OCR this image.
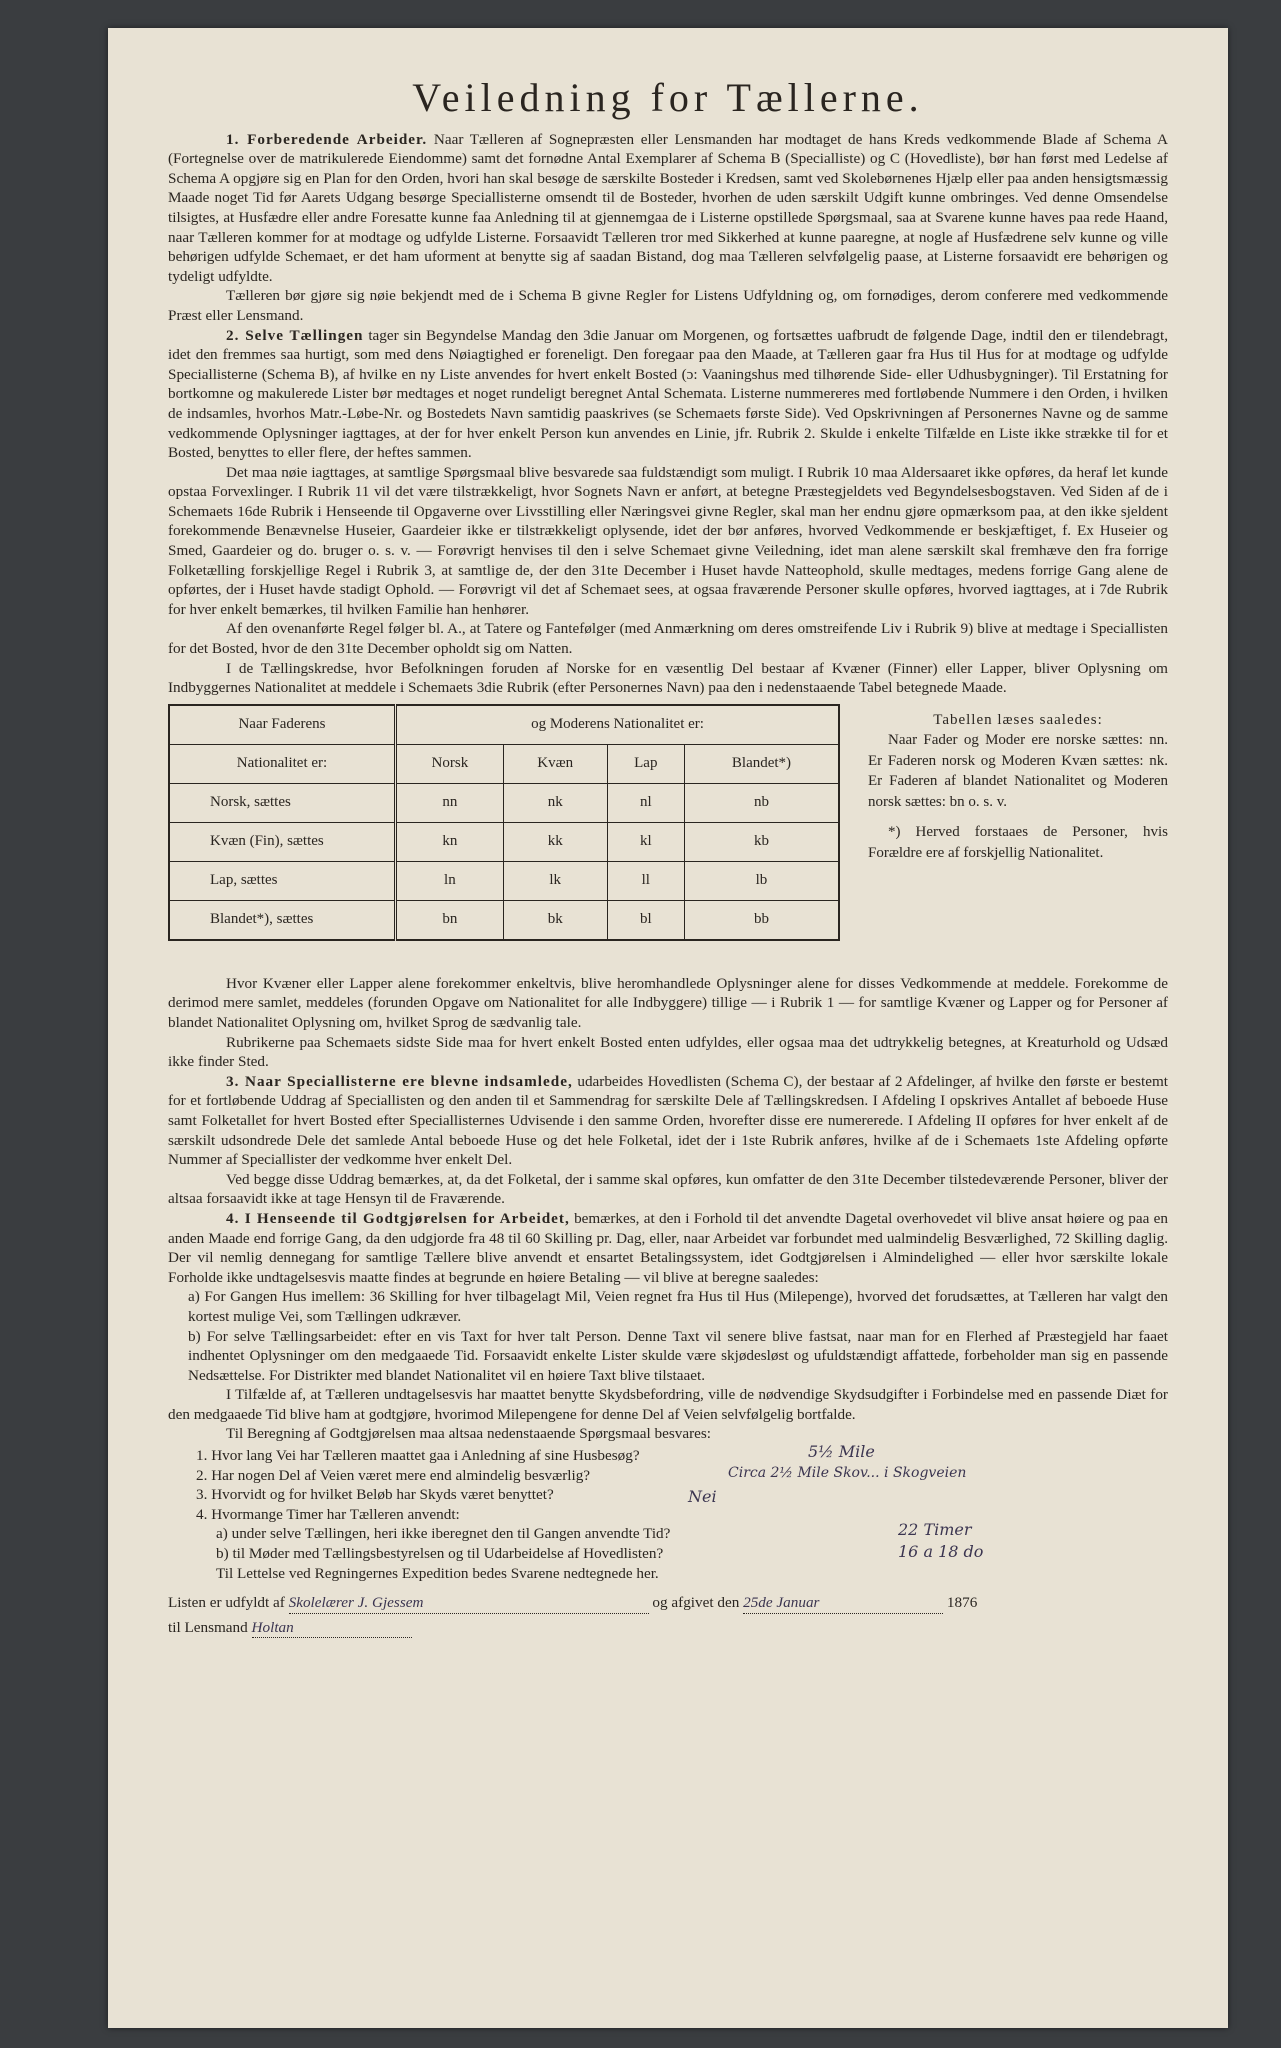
Veiledning for Tællerne.

1. Forberedende Arbeider. Naar Tælleren af Sognepræsten eller Lensmanden har modtaget de hans Kreds vedkommende Blade af Schema A (Fortegnelse over de matrikulerede Eiendomme) samt det fornødne Antal Exemplarer af Schema B (Specialliste) og C (Hovedliste), bør han først med Ledelse af Schema A opgjøre sig en Plan for den Orden, hvori han skal besøge de særskilte Bosteder i Kredsen, samt ved Skolebørnenes Hjælp eller paa anden hensigtsmæssig Maade noget Tid før Aarets Udgang besørge Speciallisterne omsendt til de Bosteder, hvorhen de uden særskilt Udgift kunne ombringes. Ved denne Omsendelse tilsigtes, at Husfædre eller andre Foresatte kunne faa Anledning til at gjennemgaa de i Listerne opstillede Spørgsmaal, saa at Svarene kunne haves paa rede Haand, naar Tælleren kommer for at modtage og udfylde Listerne. Forsaavidt Tælleren tror med Sikkerhed at kunne paaregne, at nogle af Husfædrene selv kunne og ville behørigen udfylde Schemaet, er det ham uforment at benytte sig af saadan Bistand, dog maa Tælleren selvfølgelig paase, at Listerne forsaavidt ere behørigen og tydeligt udfyldte.

Tælleren bør gjøre sig nøie bekjendt med de i Schema B givne Regler for Listens Udfyldning og, om fornødiges, derom conferere med vedkommende Præst eller Lensmand.

2. Selve Tællingen tager sin Begyndelse Mandag den 3die Januar om Morgenen, og fortsættes uafbrudt de følgende Dage, indtil den er tilendebragt, idet den fremmes saa hurtigt, som med dens Nøiagtighed er foreneligt. Den foregaar paa den Maade, at Tælleren gaar fra Hus til Hus for at modtage og udfylde Speciallisterne (Schema B), af hvilke en ny Liste anvendes for hvert enkelt Bosted (ɔ: Vaaningshus med tilhørende Side- eller Udhusbygninger). Til Erstatning for bortkomne og makulerede Lister bør medtages et noget rundeligt beregnet Antal Schemata. Listerne nummereres med fortløbende Nummere i den Orden, i hvilken de indsamles, hvorhos Matr.-Løbe-Nr. og Bostedets Navn samtidig paaskrives (se Schemaets første Side). Ved Opskrivningen af Personernes Navne og de samme vedkommende Oplysninger iagttages, at der for hver enkelt Person kun anvendes en Linie, jfr. Rubrik 2. Skulde i enkelte Tilfælde en Liste ikke strække til for et Bosted, benyttes to eller flere, der heftes sammen.

Det maa nøie iagttages, at samtlige Spørgsmaal blive besvarede saa fuldstændigt som muligt. I Rubrik 10 maa Aldersaaret ikke opføres, da heraf let kunde opstaa Forvexlinger. I Rubrik 11 vil det være tilstrækkeligt, hvor Sognets Navn er anført, at betegne Præstegjeldets ved Begyndelsesbogstaven. Ved Siden af de i Schemaets 16de Rubrik i Henseende til Opgaverne over Livsstilling eller Næringsvei givne Regler, skal man her endnu gjøre opmærksom paa, at den ikke sjeldent forekommende Benævnelse Huseier, Gaardeier ikke er tilstrækkeligt oplysende, idet der bør anføres, hvorved Vedkommende er beskjæftiget, f. Ex Huseier og Smed, Gaardeier og do. bruger o. s. v. — Forøvrigt henvises til den i selve Schemaet givne Veiledning, idet man alene særskilt skal fremhæve den fra forrige Folketælling forskjellige Regel i Rubrik 3, at samtlige de, der den 31te December i Huset havde Natteophold, skulle medtages, medens forrige Gang alene de opførtes, der i Huset havde stadigt Ophold. — Forøvrigt vil det af Schemaet sees, at ogsaa fraværende Personer skulle opføres, hvorved iagttages, at i 7de Rubrik for hver enkelt bemærkes, til hvilken Familie han henhører.

Af den ovenanførte Regel følger bl. A., at Tatere og Fantefølger (med Anmærkning om deres omstreifende Liv i Rubrik 9) blive at medtage i Speciallisten for det Bosted, hvor de den 31te December opholdt sig om Natten.

I de Tællingskredse, hvor Befolkningen foruden af Norske for en væsentlig Del bestaar af Kvæner (Finner) eller Lapper, bliver Oplysning om Indbyggernes Nationalitet at meddele i Schemaets 3die Rubrik (efter Personernes Navn) paa den i nedenstaaende Tabel betegnede Maade.

Naar Faderens	og Moderens Nationalitet er:			
Nationalitet er:	Norsk	Kvæn	Lap	Blandet*)
Norsk, sættes	nn	nk	nl	nb
Kvæn (Fin), sættes	kn	kk	kl	kb
Lap, sættes	ln	lk	ll	lb
Blandet*), sættes	bn	bk	bl	bb
Tabellen læses saaledes:
Naar Fader og Moder ere norske sættes: nn. Er Faderen norsk og Moderen Kvæn sættes: nk. Er Faderen af blandet Nationalitet og Moderen norsk sættes: bn o. s. v.
*) Herved forstaaes de Personer, hvis Forældre ere af forskjellig Nationalitet.

Hvor Kvæner eller Lapper alene forekommer enkeltvis, blive heromhandlede Oplysninger alene for disses Vedkommende at meddele. Forekomme de derimod mere samlet, meddeles (forunden Opgave om Nationalitet for alle Indbyggere) tillige — i Rubrik 1 — for samtlige Kvæner og Lapper og for Personer af blandet Nationalitet Oplysning om, hvilket Sprog de sædvanlig tale.

Rubrikerne paa Schemaets sidste Side maa for hvert enkelt Bosted enten udfyldes, eller ogsaa maa det udtrykkelig betegnes, at Kreaturhold og Udsæd ikke finder Sted.

3. Naar Speciallisterne ere blevne indsamlede, udarbeides Hovedlisten (Schema C), der bestaar af 2 Afdelinger, af hvilke den første er bestemt for et fortløbende Uddrag af Speciallisten og den anden til et Sammendrag for særskilte Dele af Tællingskredsen. I Afdeling I opskrives Antallet af beboede Huse samt Folketallet for hvert Bosted efter Speciallisternes Udvisende i den samme Orden, hvorefter disse ere numererede. I Afdeling II opføres for hver enkelt af de særskilt udsondrede Dele det samlede Antal beboede Huse og det hele Folketal, idet der i 1ste Rubrik anføres, hvilke af de i Schemaets 1ste Afdeling opførte Nummer af Speciallister der vedkomme hver enkelt Del.

Ved begge disse Uddrag bemærkes, at, da det Folketal, der i samme skal opføres, kun omfatter de den 31te December tilstedeværende Personer, bliver der altsaa forsaavidt ikke at tage Hensyn til de Fraværende.

4. I Henseende til Godtgjørelsen for Arbeidet, bemærkes, at den i Forhold til det anvendte Dagetal overhovedet vil blive ansat høiere og paa en anden Maade end forrige Gang, da den udgjorde fra 48 til 60 Skilling pr. Dag, eller, naar Arbeidet var forbundet med ualmindelig Besværlighed, 72 Skilling daglig. Der vil nemlig dennegang for samtlige Tællere blive anvendt et ensartet Betalingssystem, idet Godtgjørelsen i Almindelighed — eller hvor særskilte lokale Forholde ikke undtagelsesvis maatte findes at begrunde en høiere Betaling — vil blive at beregne saaledes:

a) For Gangen Hus imellem: 36 Skilling for hver tilbagelagt Mil, Veien regnet fra Hus til Hus (Milepenge), hvorved det forudsættes, at Tælleren har valgt den kortest mulige Vei, som Tællingen udkræver.

b) For selve Tællingsarbeidet: efter en vis Taxt for hver talt Person. Denne Taxt vil senere blive fastsat, naar man for en Flerhed af Præstegjeld har faaet indhentet Oplysninger om den medgaaede Tid. Forsaavidt enkelte Lister skulde være skjødesløst og ufuldstændigt affattede, forbeholder man sig en passende Nedsættelse. For Distrikter med blandet Nationalitet vil en høiere Taxt blive tilstaaet.

I Tilfælde af, at Tælleren undtagelsesvis har maattet benytte Skydsbefordring, ville de nødvendige Skydsudgifter i Forbindelse med en passende Diæt for den medgaaede Tid blive ham at godtgjøre, hvorimod Milepengene for denne Del af Veien selvfølgelig bortfalde.

Til Beregning af Godtgjørelsen maa altsaa nedenstaaende Spørgsmaal besvares:

1. Hvor lang Vei har Tælleren maattet gaa i Anledning af sine Husbesøg?	5½ Mile

2. Har nogen Del af Veien været mere end almindelig besværlig?	Circa 2½ Mile Skov... i Skogveien

3. Hvorvidt og for hvilket Beløb har Skyds været benyttet?	Nei

4. Hvormange Timer har Tælleren anvendt:

a) under selve Tællingen, heri ikke iberegnet den til Gangen anvendte Tid?	22 Timer

b) til Møder med Tællingsbestyrelsen og til Udarbeidelse af Hovedlisten?	16 a 18 do

Til Lettelse ved Regningernes Expedition bedes Svarene nedtegnede her.

Listen er udfyldt af Skolelærer J. Gjessem	og afgivet den 25de Januar	1876

til Lensmand Holtan
